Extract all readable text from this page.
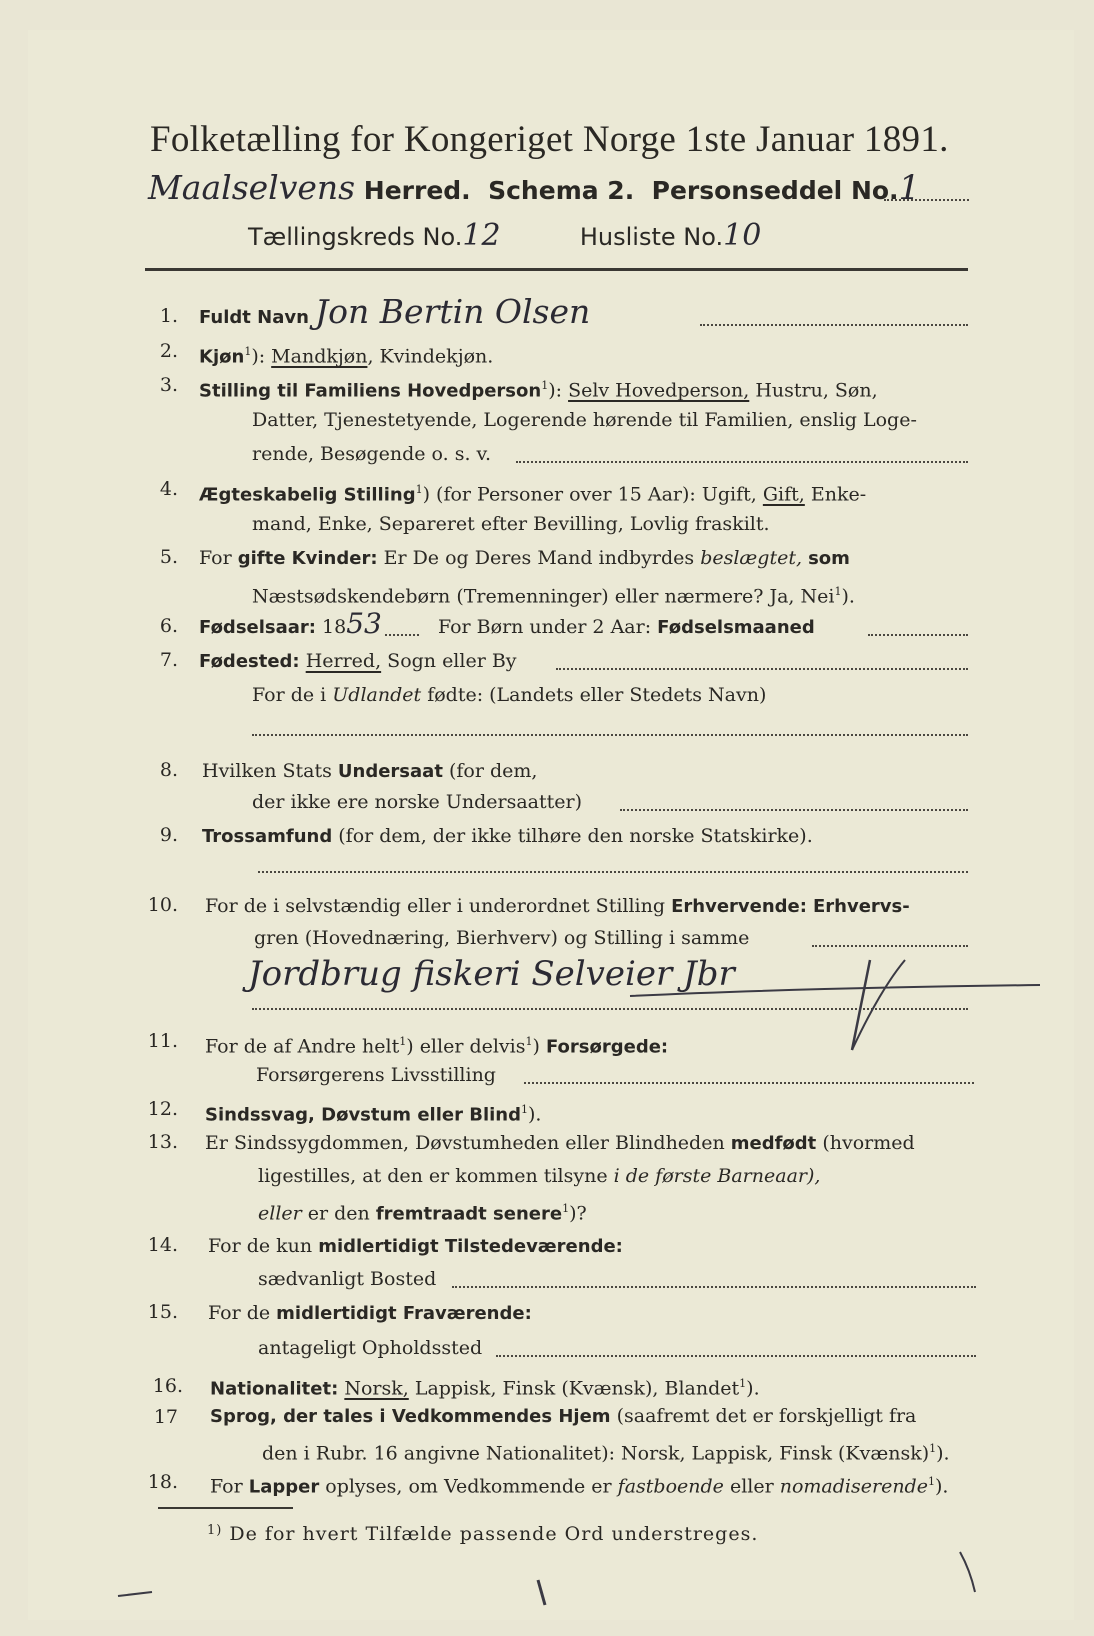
Folketælling for Kongeriget Norge 1ste Januar 1891.
Maalselvens Herred. Schema 2. Personseddel No.1
Tællingskreds No.12	Husliste No.10
1. Fuldt Navn Jon Bertin Olsen
2. Kjøn$^1$): Mandkjøn, Kvindekjøn.
3. Stilling til Familiens Hovedperson$^1$): Selv Hovedperson, Hustru, Søn,
Datter, Tjenestetyende, Logerende hørende til Familien, enslig Loge-
rende, Besøgende o. s. v.
4. Ægteskabelig Stilling$^1$) (for Personer over 15 Aar): Ugift, Gift, Enke-
mand, Enke, Separeret efter Bevilling, Lovlig fraskilt.
5. For gifte Kvinder: Er De og Deres Mand indbyrdes beslægtet, som
Næstsødskendebørn (Tremenninger) eller nærmere? Ja, Nei$^1$).
6. Fødselsaar: 1853	For Børn under 2 Aar: Fødselsmaaned
7. Fødested: Herred, Sogn eller By
For de i Udlandet fødte: (Landets eller Stedets Navn)
8. Hvilken Stats Undersaat (for dem,
der ikke ere norske Undersaatter)
9. Trossamfund (for dem, der ikke tilhøre den norske Statskirke).
10. For de i selvstændig eller i underordnet Stilling Erhvervende: Erhvervs-
gren (Hovednæring, Bierhverv) og Stilling i samme
Jordbrug fiskeri Selveier Jbr
11. For de af Andre helt$^1$) eller delvis$^1$) Forsørgede:
Forsørgerens Livsstilling
12. Sindssvag, Døvstum eller Blind$^1$).
13. Er Sindssygdommen, Døvstumheden eller Blindheden medfødt (hvormed
ligestilles, at den er kommen tilsyne i de første Barneaar),
eller er den fremtraadt senere$^1$)?
14. For de kun midlertidigt Tilstedeværende:
sædvanligt Bosted
15. For de midlertidigt Fraværende:
antageligt Opholdssted
16. Nationalitet: Norsk, Lappisk, Finsk (Kvænsk), Blandet$^1$).
17 Sprog, der tales i Vedkommendes Hjem (saafremt det er forskjelligt fra
den i Rubr. 16 angivne Nationalitet): Norsk, Lappisk, Finsk (Kvænsk)$^1$).
18. For Lapper oplyses, om Vedkommende er fastboende eller nomadiserende$^1$).
$^{1)}$ De for hvert Tilfælde passende Ord understreges.
